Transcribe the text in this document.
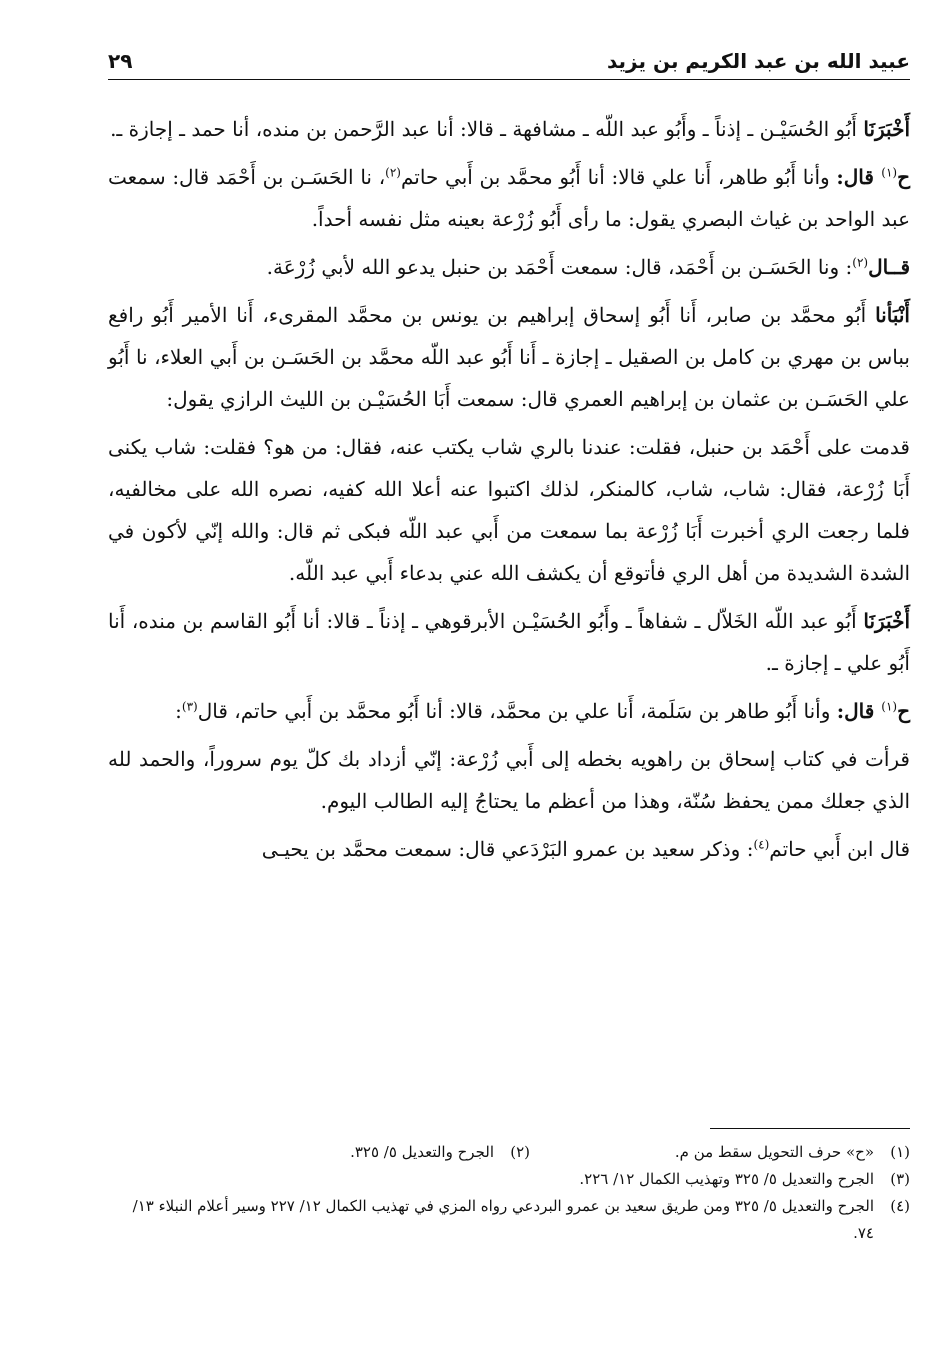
عبيد الله بن عبد الكريم بن يزيد
٢٩

أَخْبَرَنَا أَبُو الحُسَيْـن ـ إذناً ـ وأَبُو عبد اللّه ـ مشافهة ـ قالا: أنا عبد الرَّحمن بن منده، أنا حمد ـ إجازة ـ.

ح$^{(١)}$ قال: وأنا أَبُو طاهر، أَنا علي قالا: أنا أَبُو محمَّد بن أَبي حاتم$^{(٢)}$، نا الحَسَـن بن أَحْمَد قال: سمعت عبد الواحد بن غياث البصري يقول: ما رأى أَبُو زُرْعة بعينه مثل نفسه أحداً.

قــال$^{(٢)}$: ونا الحَسَـن بن أَحْمَد، قال: سمعت أَحْمَد بن حنبل يدعو الله لأبي زُرْعَة.

أَنْبَأنا أَبُو محمَّد بن صابر، أَنا أَبُو إسحاق إبراهيم بن يونس بن محمَّد المقرىء، أَنا الأمير أَبُو رافع بباس بن مهري بن كامل بن الصقيل ـ إجازة ـ أَنا أَبُو عبد اللّه محمَّد بن الحَسَـن بن أَبي العلاء، نا أَبُو علي الحَسَـن بن عثمان بن إبراهيم العمري قال: سمعت أَبَا الحُسَيْـن بن الليث الرازي يقول:

قدمت على أَحْمَد بن حنبل، فقلت: عندنا بالري شاب يكتب عنه، فقال: من هو؟ فقلت: شاب يكنى أَبَا زُرْعة، فقال: شاب، شاب، كالمنكر، لذلك اكتبوا عنه أعلا الله كفيه، نصره الله على مخالفيه، فلما رجعت الري أخبرت أَبَا زُرْعة بما سمعت من أَبي عبد اللّه فبكى ثم قال: والله إنّي لأكون في الشدة الشديدة من أهل الري فأتوقع أن يكشف الله عني بدعاء أَبي عبد اللّه.

أَخْبَرَنَا أَبُو عبد اللّه الخَلاّل ـ شفاهاً ـ وأَبُو الحُسَيْـن الأبرقوهي ـ إذناً ـ قالا: أنا أَبُو القاسم بن منده، أَنا أَبُو علي ـ إجازة ـ.

ح$^{(١)}$ قال: وأنا أَبُو طاهر بن سَلَمة، أَنا علي بن محمَّد، قالا: أنا أَبُو محمَّد بن أَبي حاتم، قال$^{(٣)}$:

قرأت في كتاب إسحاق بن راهويه بخطه إلى أَبي زُرْعة: إنّي أزداد بك كلّ يوم سروراً، والحمد لله الذي جعلك ممن يحفظ سُنّة، وهذا من أعظم ما يحتاجُ إليه الطالب اليوم.

قال ابن أَبي حاتم$^{(٤)}$: وذكر سعيد بن عمرو البَرْدَعي قال: سمعت محمَّد بن يحيـى

(١)
«ح» حرف التحويل سقط من م.
(٢)
الجرح والتعديل ٥/ ٣٢٥.
(٣)
الجرح والتعديل ٥/ ٣٢٥ وتهذيب الكمال ١٢/ ٢٢٦.
(٤)
الجرح والتعديل ٥/ ٣٢٥ ومن طريق سعيد بن عمرو البردعي رواه المزي في تهذيب الكمال ١٢/ ٢٢٧ وسير أعلام النبلاء ١٣/ ٧٤.
